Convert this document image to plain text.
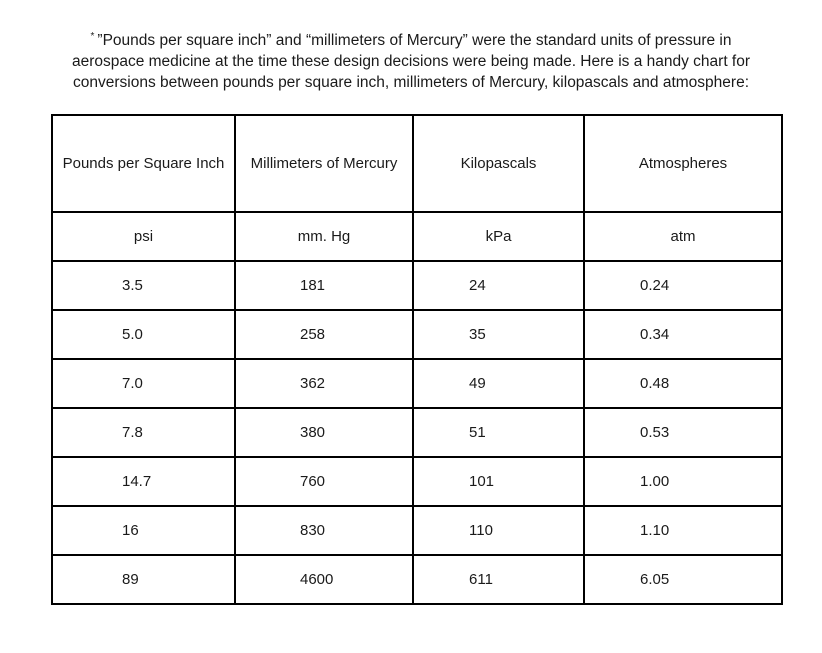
* ”Pounds per square inch” and “millimeters of Mercury” were the standard units of pressure in
aerospace medicine at the time these design decisions were being made. Here is a handy chart for
conversions between pounds per square inch, millimeters of Mercury, kilopascals and atmosphere:
Pounds per Square Inch	Millimeters of Mercury	Kilopascals	Atmospheres
psi	mm. Hg	kPa	atm
3.5	181	24	0.24
5.0	258	35	0.34
7.0	362	49	0.48
7.8	380	51	0.53
14.7	760	101	1.00
16	830	110	1.10
89	4600	611	6.05
